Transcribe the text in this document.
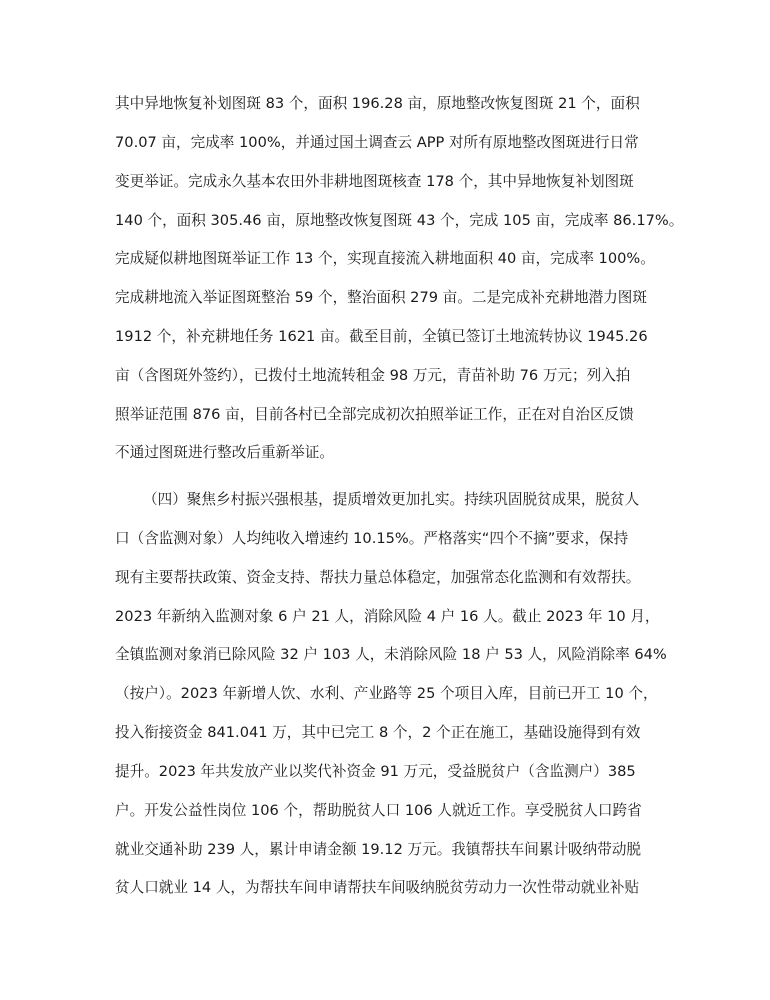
其中异地恢复补划图斑 83 个，面积 196.28 亩，原地整改恢复图斑 21 个，面积
70.07 亩，完成率 100%，并通过国土调查云 APP 对所有原地整改图斑进行日常
变更举证。完成永久基本农田外非耕地图斑核查 178 个，其中异地恢复补划图斑
140 个，面积 305.46 亩，原地整改恢复图斑 43 个，完成 105 亩，完成率 86.17%。
完成疑似耕地图斑举证工作 13 个，实现直接流入耕地面积 40 亩，完成率 100%。
完成耕地流入举证图斑整治 59 个，整治面积 279 亩。二是完成补充耕地潜力图斑
1912 个，补充耕地任务 1621 亩。截至目前，全镇已签订土地流转协议 1945.26
亩（含图斑外签约），已拨付土地流转租金 98 万元，青苗补助 76 万元；列入拍
照举证范围 876 亩，目前各村已全部完成初次拍照举证工作，正在对自治区反馈
不通过图斑进行整改后重新举证。
（四）聚焦乡村振兴强根基，提质增效更加扎实。持续巩固脱贫成果，脱贫人
口（含监测对象）人均纯收入增速约 10.15%。严格落实“四个不摘”要求，保持
现有主要帮扶政策、资金支持、帮扶力量总体稳定，加强常态化监测和有效帮扶。
2023 年新纳入监测对象 6 户 21 人，消除风险 4 户 16 人。截止 2023 年 10 月，
全镇监测对象消已除风险 32 户 103 人，未消除风险 18 户 53 人，风险消除率 64%
（按户）。2023 年新增人饮、水利、产业路等 25 个项目入库，目前已开工 10 个，
投入衔接资金 841.041 万，其中已完工 8 个，2 个正在施工，基础设施得到有效
提升。2023 年共发放产业以奖代补资金 91 万元，受益脱贫户（含监测户）385
户。开发公益性岗位 106 个，帮助脱贫人口 106 人就近工作。享受脱贫人口跨省
就业交通补助 239 人，累计申请金额 19.12 万元。我镇帮扶车间累计吸纳带动脱
贫人口就业 14 人，为帮扶车间申请帮扶车间吸纳脱贫劳动力一次性带动就业补贴
